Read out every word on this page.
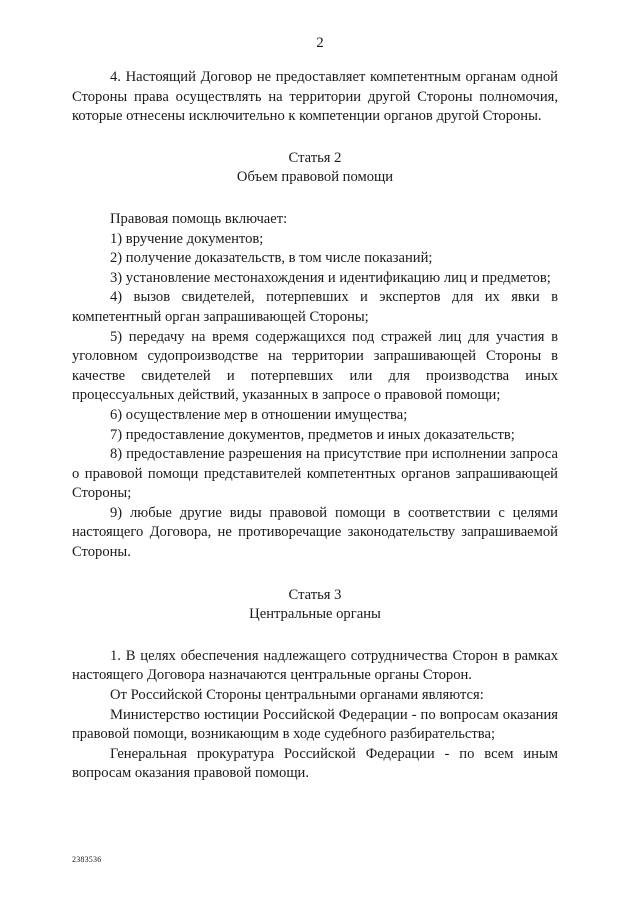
2

4. Настоящий Договор не предоставляет компетентным органам одной Стороны права осуществлять на территории другой Стороны полномочия, которые отнесены исключительно к компетенции органов другой Стороны.

Статья 2

Объем правовой помощи

Правовая помощь включает:

1) вручение документов;

2) получение доказательств, в том числе показаний;

3) установление местонахождения и идентификацию лиц и предметов;

4) вызов свидетелей, потерпевших и экспертов для их явки в компетентный орган запрашивающей Стороны;

5) передачу на время содержащихся под стражей лиц для участия в уголовном судопроизводстве на территории запрашивающей Стороны в качестве свидетелей и потерпевших или для производства иных процессуальных действий, указанных в запросе о правовой помощи;

6) осуществление мер в отношении имущества;

7) предоставление документов, предметов и иных доказательств;

8) предоставление разрешения на присутствие при исполнении запроса о правовой помощи представителей компетентных органов запрашивающей Стороны;

9) любые другие виды правовой помощи в соответствии с целями настоящего Договора, не противоречащие законодательству запрашиваемой Стороны.

Статья 3

Центральные органы

1. В целях обеспечения надлежащего сотрудничества Сторон в рамках настоящего Договора назначаются центральные органы Сторон.

От Российской Стороны центральными органами являются:

Министерство юстиции Российской Федерации - по вопросам оказания правовой помощи, возникающим в ходе судебного разбирательства;

Генеральная прокуратура Российской Федерации - по всем иным вопросам оказания правовой помощи.

2383536
